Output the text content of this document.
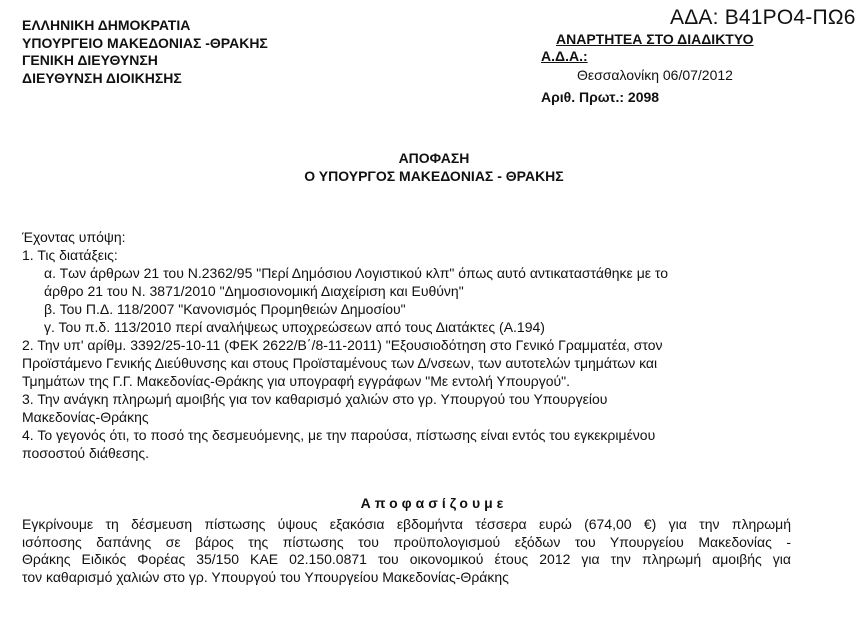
ΕΛΛΗΝΙΚΗ ΔΗΜΟΚΡΑΤΙΑ
ΥΠΟΥΡΓΕΙΟ ΜΑΚΕΔΟΝΙΑΣ -ΘΡΑΚΗΣ
ΓΕΝΙΚΗ ΔΙΕΥΘΥΝΣΗ
ΔΙΕΥΘΥΝΣΗ ΔΙΟΙΚΗΣΗΣ
ΑΔΑ: Β41ΡΟ4-ΠΩ6
ΑΝΑΡΤΗΤΕΑ ΣΤΟ ΔΙΑΔΙΚΤΥΟ
Α.Δ.Α.:
Θεσσαλονίκη 06/07/2012
Αριθ. Πρωτ.: 2098
ΑΠΟΦΑΣΗ
Ο ΥΠΟΥΡΓΟΣ ΜΑΚΕΔΟΝΙΑΣ - ΘΡΑΚΗΣ
Έχοντας υπόψη:
1. Τις διατάξεις:
α. Των άρθρων 21 του Ν.2362/95 "Περί Δημόσιου Λογιστικού κλπ" όπως αυτό αντικαταστάθηκε με το
άρθρο 21 του Ν. 3871/2010 "Δημοσιονομική Διαχείριση και Ευθύνη"
β. Του Π.Δ. 118/2007 "Κανονισμός Προμηθειών Δημοσίου"
γ. Του π.δ. 113/2010 περί αναλήψεως υποχρεώσεων από τους Διατάκτες (Α.194)
2. Την υπ' αρίθμ. 3392/25-10-11 (ΦΕΚ 2622/Β΄/8-11-2011) "Εξουσιοδότηση στο Γενικό Γραμματέα, στον
Προϊστάμενο Γενικής Διεύθυνσης και στους Προϊσταμένους των Δ/νσεων, των αυτοτελών τμημάτων και
Τμημάτων της Γ.Γ. Μακεδονίας-Θράκης για υπογραφή εγγράφων "Με εντολή Υπουργού".
3. Την ανάγκη πληρωμή αμοιβής για τον καθαρισμό χαλιών στο γρ. Υπουργού του Υπουργείου
Μακεδονίας-Θράκης
4. Το γεγονός ότι, το ποσό της δεσμευόμενης, με την παρούσα, πίστωσης είναι εντός του εγκεκριμένου
ποσοστού διάθεσης.
Αποφασίζουμε
Εγκρίνουμε τη δέσμευση πίστωσης ύψους εξακόσια εβδομήντα τέσσερα ευρώ (674,00 €) για την πληρωμή
ισόποσης δαπάνης σε βάρος της πίστωσης του προϋπολογισμού εξόδων του Υπουργείου Μακεδονίας -
Θράκης Ειδικός Φορέας 35/150 ΚΑΕ 02.150.0871 του οικονομικού έτους 2012 για την πληρωμή αμοιβής για
τον καθαρισμό χαλιών στο γρ. Υπουργού του Υπουργείου Μακεδονίας-Θράκης
